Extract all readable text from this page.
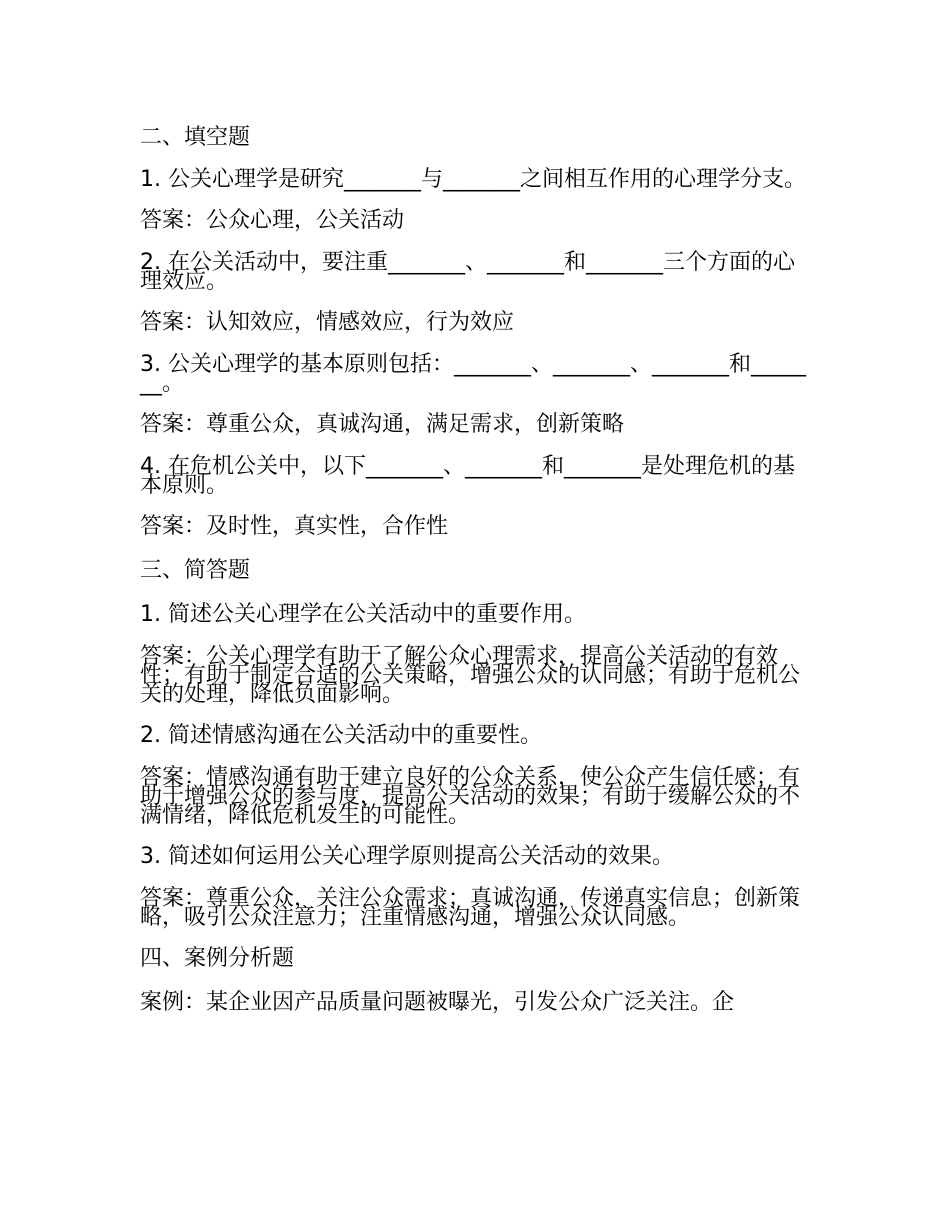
二、填空题
1. 公关心理学是研究_______与_______之间相互作用的心理学分支。
答案：公众心理，公关活动
2. 在公关活动中，要注重_______、_______和_______三个方面的心理效应。
答案：认知效应，情感效应，行为效应
3. 公关心理学的基本原则包括：_______、_______、_______和_______。
答案：尊重公众，真诚沟通，满足需求，创新策略
4. 在危机公关中，以下_______、_______和_______是处理危机的基本原则。
答案：及时性，真实性，合作性
三、简答题
1. 简述公关心理学在公关活动中的重要作用。
答案：公关心理学有助于了解公众心理需求，提高公关活动的有效性；有助于制定合适的公关策略，增强公众的认同感；有助于危机公关的处理，降低负面影响。
2. 简述情感沟通在公关活动中的重要性。
答案：情感沟通有助于建立良好的公众关系，使公众产生信任感；有助于增强公众的参与度，提高公关活动的效果；有助于缓解公众的不满情绪，降低危机发生的可能性。
3. 简述如何运用公关心理学原则提高公关活动的效果。
答案：尊重公众，关注公众需求；真诚沟通，传递真实信息；创新策略，吸引公众注意力；注重情感沟通，增强公众认同感。
四、案例分析题
案例：某企业因产品质量问题被曝光，引发公众广泛关注。企
